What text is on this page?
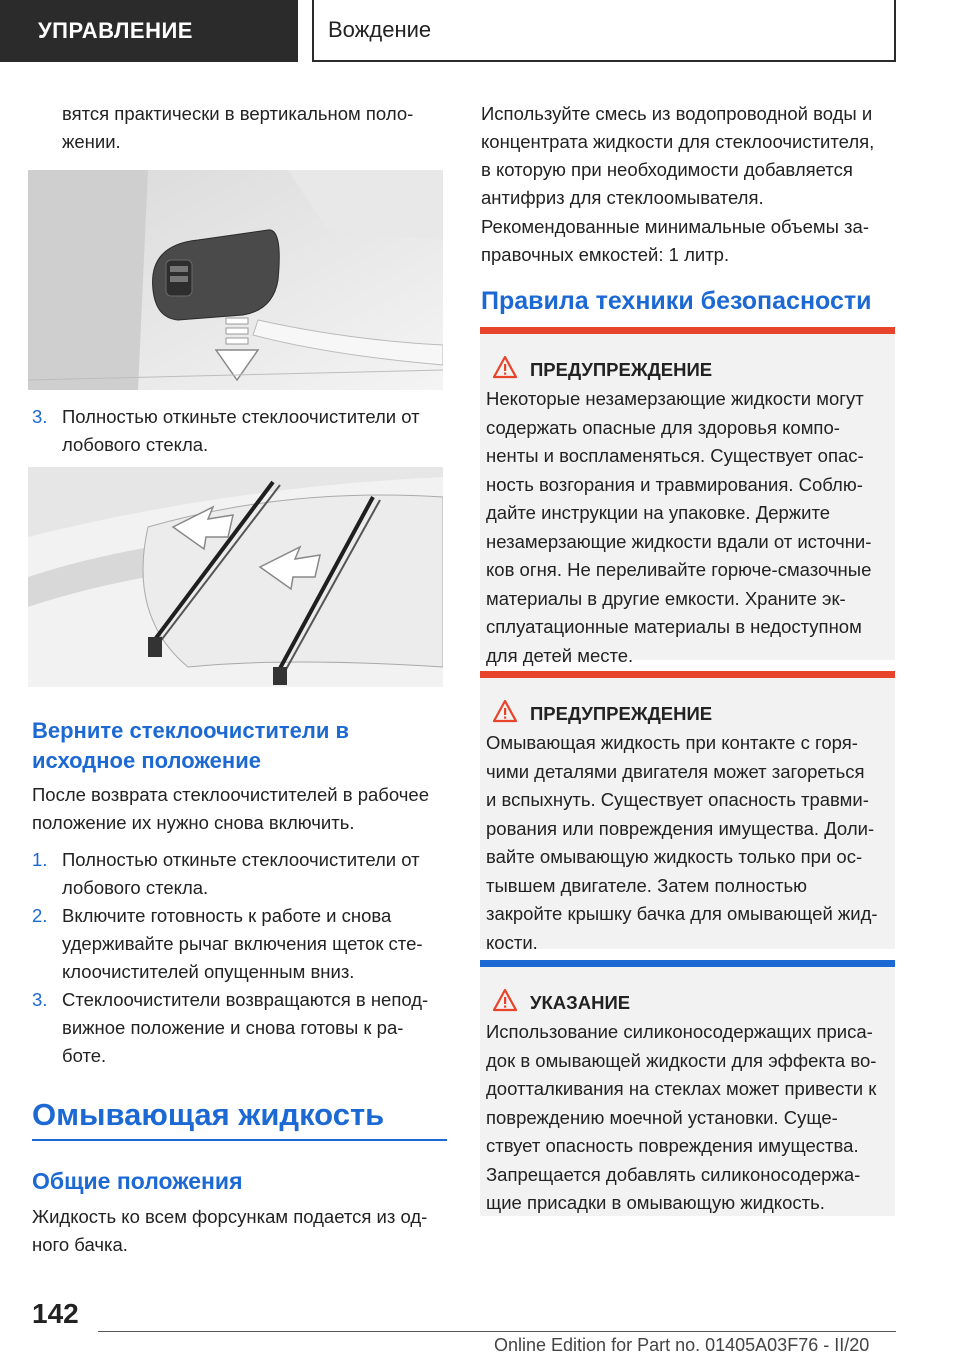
УПРАВЛЕНИЕ	Вождение
вятся практически в вертикальном поло-
жении.
3. Полностью откиньте стеклоочистители от
лобового стекла.
Верните стеклоочистители в
исходное положение
После возврата стеклоочистителей в рабочее
положение их нужно снова включить.
1. Полностью откиньте стеклоочистители от
лобового стекла.
2. Включите готовность к работе и снова
удерживайте рычаг включения щеток сте-
клоочистителей опущенным вниз.
3. Стеклоочистители возвращаются в непод-
вижное положение и снова готовы к ра-
боте.
Омывающая жидкость
Общие положения
Жидкость ко всем форсункам подается из од-
ного бачка.
Используйте смесь из водопроводной воды и
концентрата жидкости для стеклоочистителя,
в которую при необходимости добавляется
антифриз для стеклоомывателя.
Рекомендованные минимальные объемы за-
правочных емкостей: 1 литр.
Правила техники безопасности
ПРЕДУПРЕЖДЕНИЕ
Некоторые незамерзающие жидкости могут
содержать опасные для здоровья компо-
ненты и воспламеняться. Существует опас-
ность возгорания и травмирования. Соблю-
дайте инструкции на упаковке. Держите
незамерзающие жидкости вдали от источни-
ков огня. Не переливайте горюче-смазочные
материалы в другие емкости. Храните эк-
сплуатационные материалы в недоступном
для детей месте.
ПРЕДУПРЕЖДЕНИЕ
Омывающая жидкость при контакте с горя-
чими деталями двигателя может загореться
и вспыхнуть. Существует опасность травми-
рования или повреждения имущества. Доли-
вайте омывающую жидкость только при ос-
тывшем двигателе. Затем полностью
закройте крышку бачка для омывающей жид-
кости.
УКАЗАНИЕ
Использование силиконосодержащих приса-
док в омывающей жидкости для эффекта во-
доотталкивания на стеклах может привести к
повреждению моечной установки. Суще-
ствует опасность повреждения имущества.
Запрещается добавлять силиконосодержа-
щие присадки в омывающую жидкость.
142
Online Edition for Part no. 01405A03F76 - II/20
